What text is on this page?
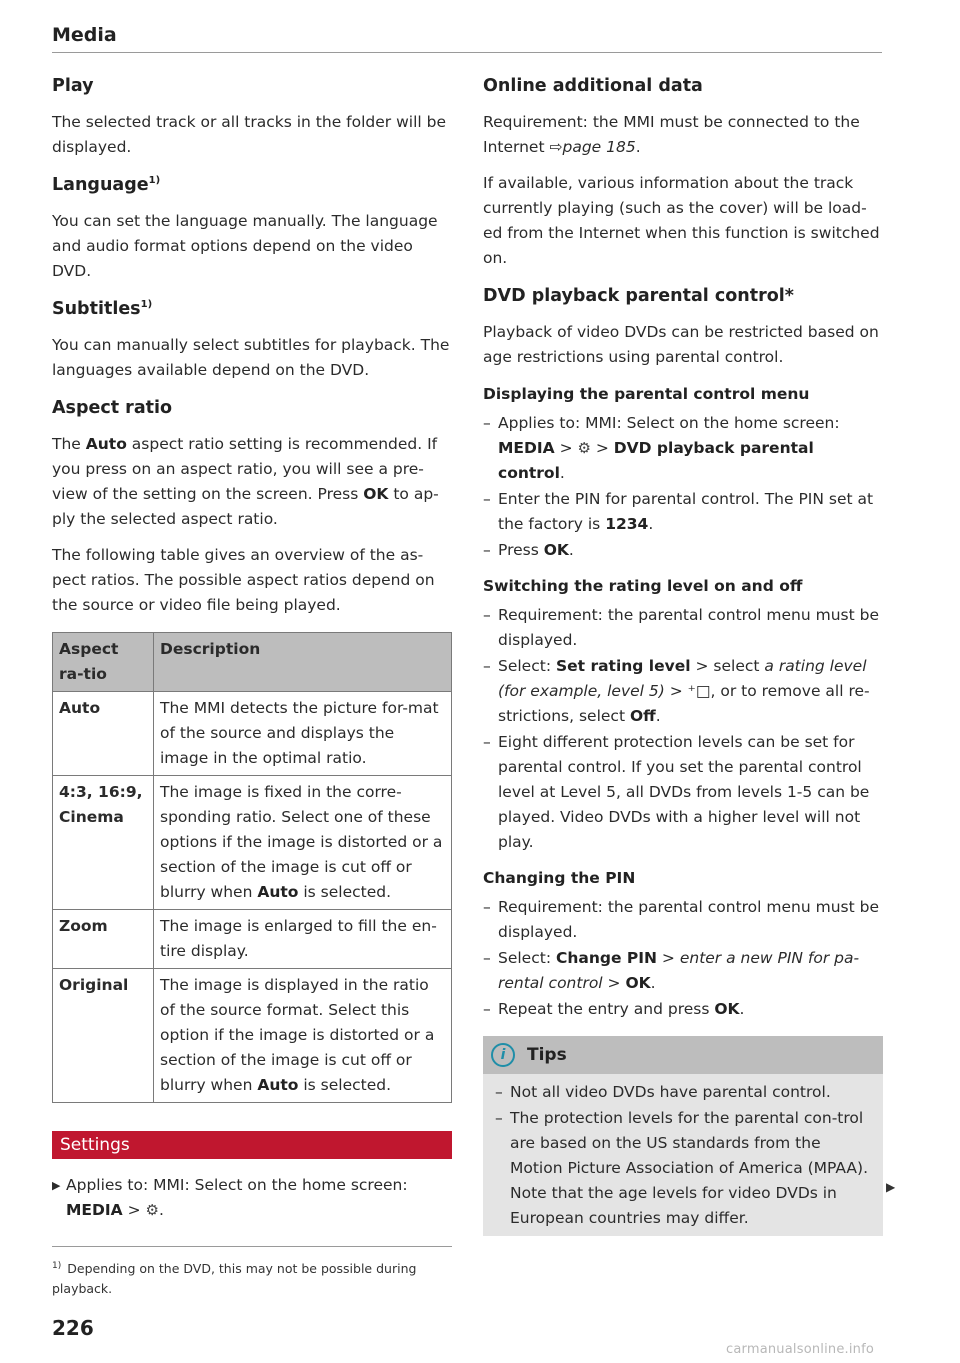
Media
Play

The selected track or all tracks in the folder will be displayed.

Language$^{1)}$

You can set the language manually. The language and audio format options depend on the video DVD.

Subtitles$^{1)}$

You can manually select subtitles for playback. The languages available depend on the DVD.

Aspect ratio

The Auto aspect ratio setting is recommended. If you press on an aspect ratio, you will see a pre-view of the setting on the screen. Press OK to ap-ply the selected aspect ratio.

The following table gives an overview of the as-pect ratios. The possible aspect ratios depend on the source or video file being played.

Aspect ra-tio	Description
Auto	The MMI detects the picture for-mat of the source and displays the image in the optimal ratio.
4:3, 16:9, Cinema	The image is fixed in the corre-sponding ratio. Select one of these options if the image is distorted or a section of the image is cut off or blurry when Auto is selected.
Zoom	The image is enlarged to fill the en-tire display.
Original	The image is displayed in the ratio of the source format. Select this option if the image is distorted or a section of the image is cut off or blurry when Auto is selected.
Settings
▶ Applies to: MMI: Select on the home screen: MEDIA > ⚙.
$^{1)}$ Depending on the DVD, this may not be possible during playback.
226
Online additional data

Requirement: the MMI must be connected to the Internet ⇨page 185.

If available, various information about the track currently playing (such as the cover) will be load-ed from the Internet when this function is switched on.

DVD playback parental control*

Playback of video DVDs can be restricted based on age restrictions using parental control.

Displaying the parental control menu
– Applies to: MMI: Select on the home screen: MEDIA > ⚙ > DVD playback parental control.
– Enter the PIN for parental control. The PIN set at the factory is 1234.
– Press OK.
Switching the rating level on and off
– Requirement: the parental control menu must be displayed.
– Select: Set rating level > select a rating level (for example, level 5) > ⁺□, or to remove all re-strictions, select Off.
– Eight different protection levels can be set for parental control. If you set the parental control level at Level 5, all DVDs from levels 1-5 can be played. Video DVDs with a higher level will not play.
Changing the PIN
– Requirement: the parental control menu must be displayed.
– Select: Change PIN > enter a new PIN for pa-rental control > OK.
– Repeat the entry and press OK.
i	Tips
– Not all video DVDs have parental control.
– The protection levels for the parental con-trol are based on the US standards from the Motion Picture Association of America (MPAA). Note that the age levels for video DVDs in European countries may differ.
▶
carmanualsonline.info
